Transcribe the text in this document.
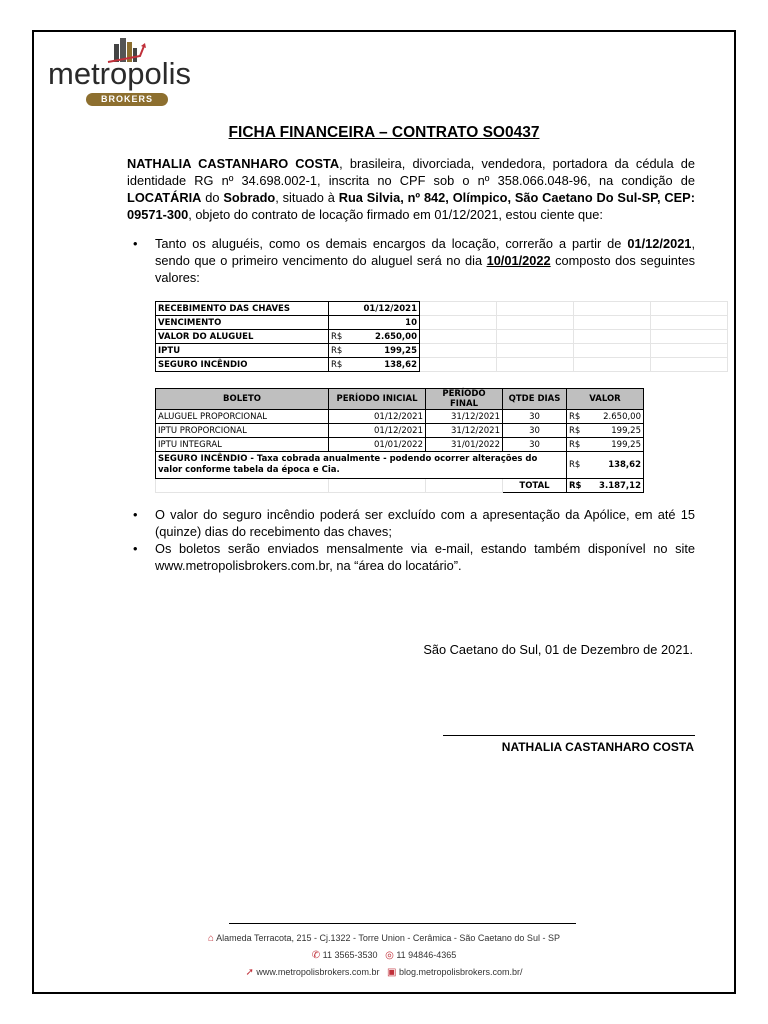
metropolis
BROKERS
FICHA FINANCEIRA – CONTRATO SO0437
NATHALIA CASTANHARO COSTA, brasileira, divorciada, vendedora, portadora da cédula de identidade RG nº 34.698.002-1, inscrita no CPF sob o nº 358.066.048-96, na condição de LOCATÁRIA do Sobrado, situado à Rua Silvia, nº 842, Olímpico, São Caetano Do Sul-SP, CEP: 09571-300, objeto do contrato de locação firmado em 01/12/2021, estou ciente que:
• Tanto os aluguéis, como os demais encargos da locação, correrão a partir de 01/12/2021, sendo que o primeiro vencimento do aluguel será no dia 10/01/2022 composto dos seguintes valores:
RECEBIMENTO DAS CHAVES		01/12/2021				
VENCIMENTO		10				
VALOR DO ALUGUEL	R$	2.650,00				
IPTU	R$	199,25				
SEGURO INCÊNDIO	R$	138,62				
BOLETO	PERÍODO INICIAL	PERÍODO FINAL	QTDE DIAS	VALOR	
ALUGUEL PROPORCIONAL	01/12/2021	31/12/2021	30	R$	2.650,00
IPTU PROPORCIONAL	01/12/2021	31/12/2021	30	R$	199,25
IPTU INTEGRAL	01/01/2022	31/01/2022	30	R$	199,25
SEGURO INCÊNDIO - Taxa cobrada anualmente - podendo ocorrer alterações do valor conforme tabela da época e Cia.				R$	138,62
			TOTAL	R$	3.187,12
• O valor do seguro incêndio poderá ser excluído com a apresentação da Apólice, em até 15 (quinze) dias do recebimento das chaves;
• Os boletos serão enviados mensalmente via e-mail, estando também disponível no site www.metropolisbrokers.com.br, na “área do locatário”.
São Caetano do Sul, 01 de Dezembro de 2021.
NATHALIA CASTANHARO COSTA
⌂ Alameda Terracota, 215 - Cj.1322 - Torre Union - Cerâmica - São Caetano do Sul - SP
✆ 11 3565-3530 ◎ 11 94846-4365
➚ www.metropolisbrokers.com.br ▣ blog.metropolisbrokers.com.br/
